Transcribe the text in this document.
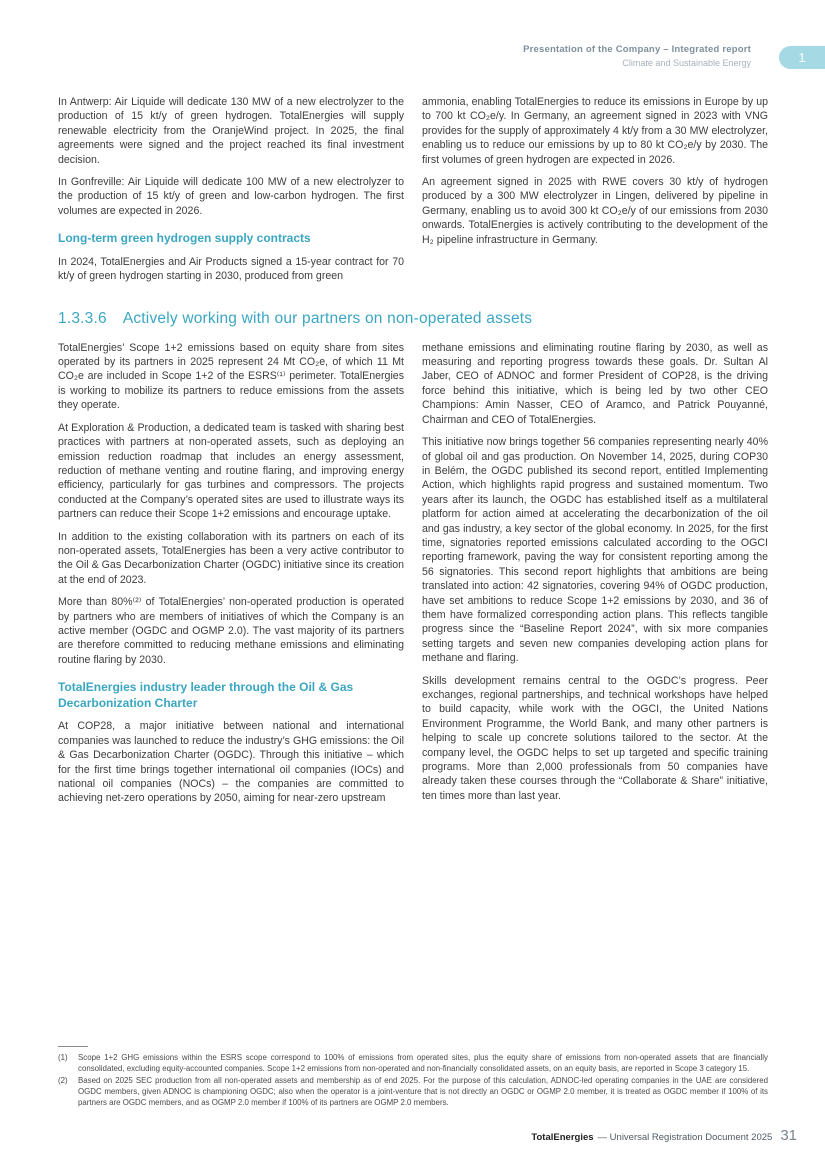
Presentation of the Company – Integrated report
Climate and Sustainable Energy	1

In Antwerp: Air Liquide will dedicate 130 MW of a new electrolyzer to the production of 15 kt/y of green hydrogen. TotalEnergies will supply renewable electricity from the OranjeWind project. In 2025, the final agreements were signed and the project reached its final investment decision.

In Gonfreville: Air Liquide will dedicate 100 MW of a new electrolyzer to the production of 15 kt/y of green and low-carbon hydrogen. The first volumes are expected in 2026.

Long-term green hydrogen supply contracts

In 2024, TotalEnergies and Air Products signed a 15-year contract for 70 kt/y of green hydrogen starting in 2030, produced from green

ammonia, enabling TotalEnergies to reduce its emissions in Europe by up to 700 kt CO₂e/y. In Germany, an agreement signed in 2023 with VNG provides for the supply of approximately 4 kt/y from a 30 MW electrolyzer, enabling us to reduce our emissions by up to 80 kt CO₂e/y by 2030. The first volumes of green hydrogen are expected in 2026.

An agreement signed in 2025 with RWE covers 30 kt/y of hydrogen produced by a 300 MW electrolyzer in Lingen, delivered by pipeline in Germany, enabling us to avoid 300 kt CO₂e/y of our emissions from 2030 onwards. TotalEnergies is actively contributing to the development of the H₂ pipeline infrastructure in Germany.

1.3.3.6 Actively working with our partners on non-operated assets

TotalEnergies’ Scope 1+2 emissions based on equity share from sites operated by its partners in 2025 represent 24 Mt CO₂e, of which 11 Mt CO₂e are included in Scope 1+2 of the ESRS⁽¹⁾ perimeter. TotalEnergies is working to mobilize its partners to reduce emissions from the assets they operate.

At Exploration & Production, a dedicated team is tasked with sharing best practices with partners at non-operated assets, such as deploying an emission reduction roadmap that includes an energy assessment, reduction of methane venting and routine flaring, and improving energy efficiency, particularly for gas turbines and compressors. The projects conducted at the Company’s operated sites are used to illustrate ways its partners can reduce their Scope 1+2 emissions and encourage uptake.

In addition to the existing collaboration with its partners on each of its non-operated assets, TotalEnergies has been a very active contributor to the Oil & Gas Decarbonization Charter (OGDC) initiative since its creation at the end of 2023.

More than 80%⁽²⁾ of TotalEnergies’ non-operated production is operated by partners who are members of initiatives of which the Company is an active member (OGDC and OGMP 2.0). The vast majority of its partners are therefore committed to reducing methane emissions and eliminating routine flaring by 2030.

TotalEnergies industry leader through the Oil & Gas Decarbonization Charter

At COP28, a major initiative between national and international companies was launched to reduce the industry’s GHG emissions: the Oil & Gas Decarbonization Charter (OGDC). Through this initiative – which for the first time brings together international oil companies (IOCs) and national oil companies (NOCs) – the companies are committed to achieving net-zero operations by 2050, aiming for near-zero upstream

methane emissions and eliminating routine flaring by 2030, as well as measuring and reporting progress towards these goals. Dr. Sultan Al Jaber, CEO of ADNOC and former President of COP28, is the driving force behind this initiative, which is being led by two other CEO Champions: Amin Nasser, CEO of Aramco, and Patrick Pouyanné, Chairman and CEO of TotalEnergies.

This initiative now brings together 56 companies representing nearly 40% of global oil and gas production. On November 14, 2025, during COP30 in Belém, the OGDC published its second report, entitled Implementing Action, which highlights rapid progress and sustained momentum. Two years after its launch, the OGDC has established itself as a multilateral platform for action aimed at accelerating the decarbonization of the oil and gas industry, a key sector of the global economy. In 2025, for the first time, signatories reported emissions calculated according to the OGCI reporting framework, paving the way for consistent reporting among the 56 signatories. This second report highlights that ambitions are being translated into action: 42 signatories, covering 94% of OGDC production, have set ambitions to reduce Scope 1+2 emissions by 2030, and 36 of them have formalized corresponding action plans. This reflects tangible progress since the “Baseline Report 2024”, with six more companies setting targets and seven new companies developing action plans for methane and flaring.

Skills development remains central to the OGDC’s progress. Peer exchanges, regional partnerships, and technical workshops have helped to build capacity, while work with the OGCI, the United Nations Environment Programme, the World Bank, and many other partners is helping to scale up concrete solutions tailored to the sector. At the company level, the OGDC helps to set up targeted and specific training programs. More than 2,000 professionals from 50 companies have already taken these courses through the “Collaborate & Share” initiative, ten times more than last year.

(1)	Scope 1+2 GHG emissions within the ESRS scope correspond to 100% of emissions from operated sites, plus the equity share of emissions from non-operated assets that are financially consolidated, excluding equity-accounted companies. Scope 1+2 emissions from non-operated and non-financially consolidated assets, on an equity basis, are reported in Scope 3 category 15.
(2)	Based on 2025 SEC production from all non-operated assets and membership as of end 2025. For the purpose of this calculation, ADNOC-led operating companies in the UAE are considered OGDC members, given ADNOC is championing OGDC; also when the operator is a joint-venture that is not directly an OGDC or OGMP 2.0 member, it is treated as OGDC member if 100% of its partners are OGDC members, and as OGMP 2.0 member if 100% of its partners are OGMP 2.0 members.
TotalEnergies — Universal Registration Document 2025 31
